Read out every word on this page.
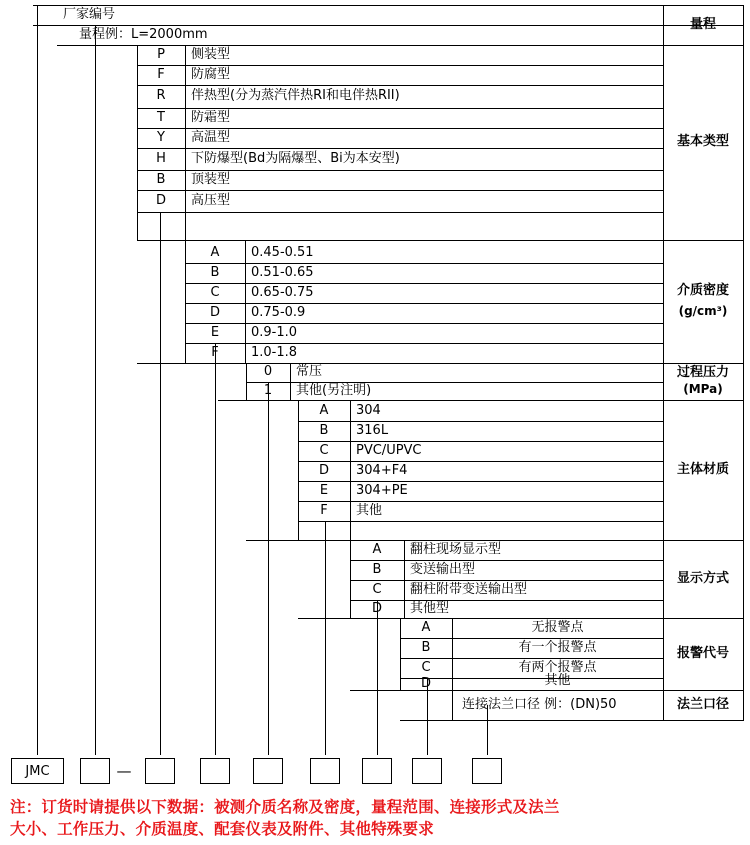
厂家编号
量程例：L=2000mm
量程
P	侧装型
F	防腐型
R	伴热型(分为蒸汽伴热RI和电伴热RII)
T	防霜型
Y	高温型
H	下防爆型(Bd为隔爆型、Bi为本安型)
B	顶装型
D	高压型
基本类型
A	0.45-0.51
B	0.51-0.65
C	0.65-0.75
D	0.75-0.9
E	0.9-1.0
F	1.0-1.8
介质密度
(g/cm³)
0	常压
1	其他(另注明)
过程压力
(MPa)
A	304
B	316L
C	PVC/UPVC
D	304+F4
E	304+PE
F	其他
主体材质
A	翻柱现场显示型
B	变送输出型
C	翻柱附带变送输出型
D	其他型
显示方式
A	无报警点
B	有一个报警点
C	有两个报警点
D	其他
报警代号
连接法兰口径 例：(DN)50	法兰口径
JMC	—
注：订货时请提供以下数据：被测介质名称及密度，量程范围、连接形式及法兰
大小、工作压力、介质温度、配套仪表及附件、其他特殊要求
